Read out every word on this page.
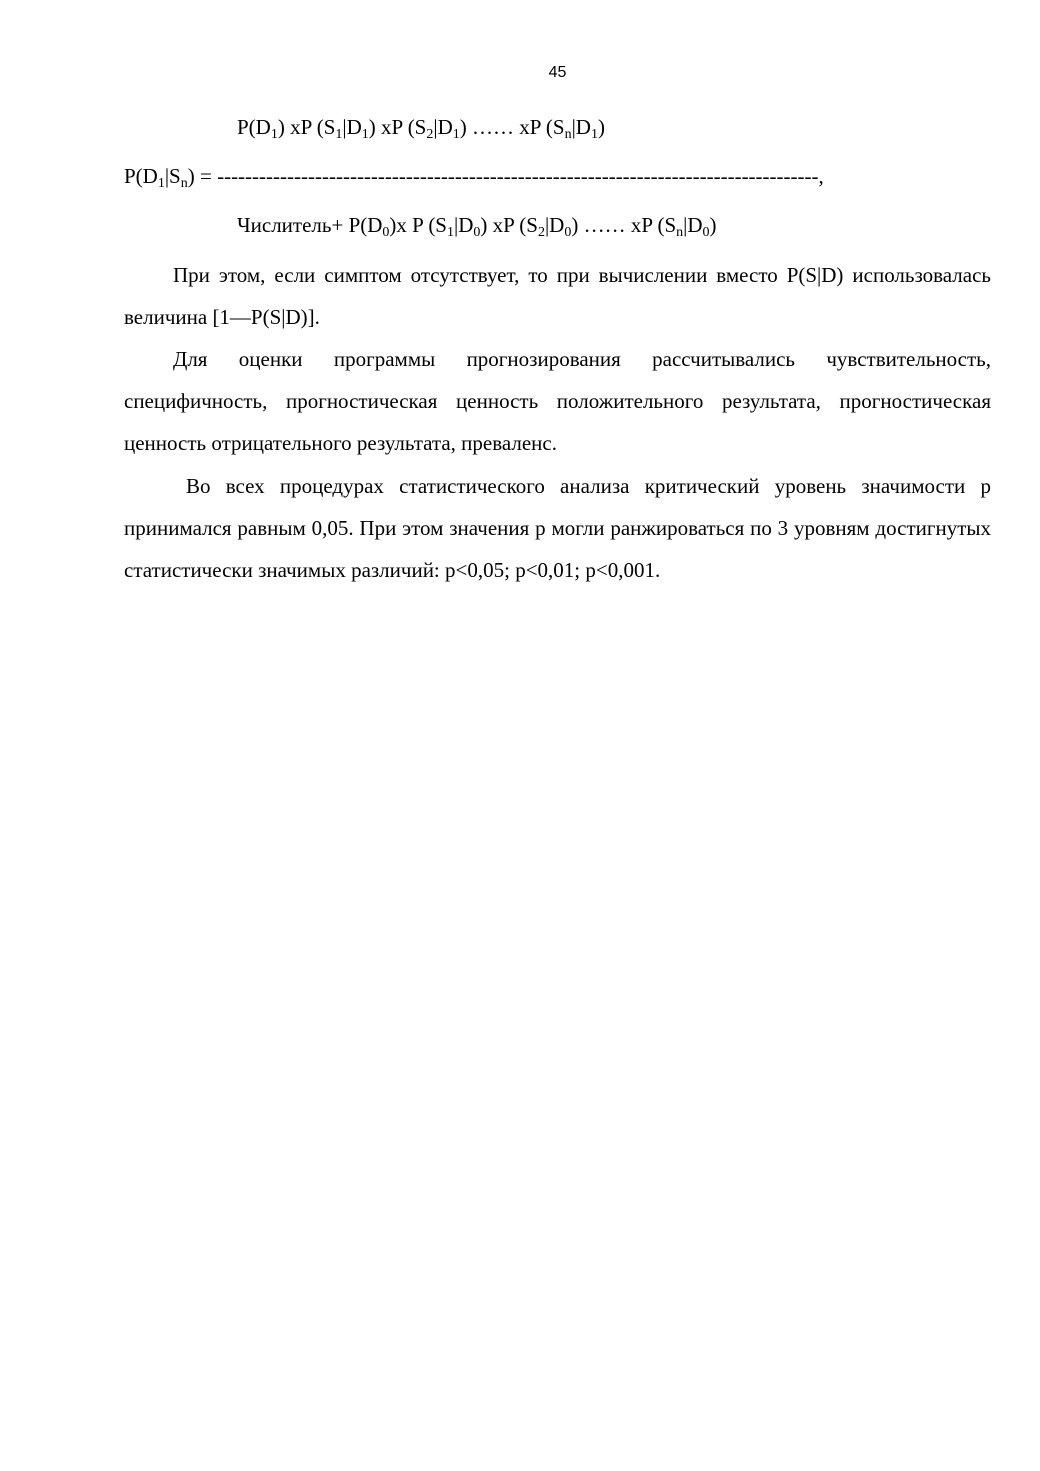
45
$P(D_1)$ xP $(S_1|D_1)$ xP $(S_2|D_1)$ …… xP $(S_n|D_1)$
$P(D_1|S_n)$ = --------------------------------------------------------------------------------------,
Числитель+ $P(D_0)x$ P $(S_1|D_0)$ xP $(S_2|D_0)$ …… xP $(S_n|D_0)$

При этом, если симптом отсутствует, то при вычислении вместо P(S|D) использовалась величина [1—P(S|D)].

Для оценки программы прогнозирования рассчитывались чувствительность, специфичность, прогностическая ценность положительного результата, прогностическая ценность отрицательного результата, преваленс.

Во всех процедурах статистического анализа критический уровень значимости p принимался равным 0,05. При этом значения p могли ранжироваться по 3 уровням достигнутых статистически значимых различий: p<0,05; p<0,01; p<0,001.
